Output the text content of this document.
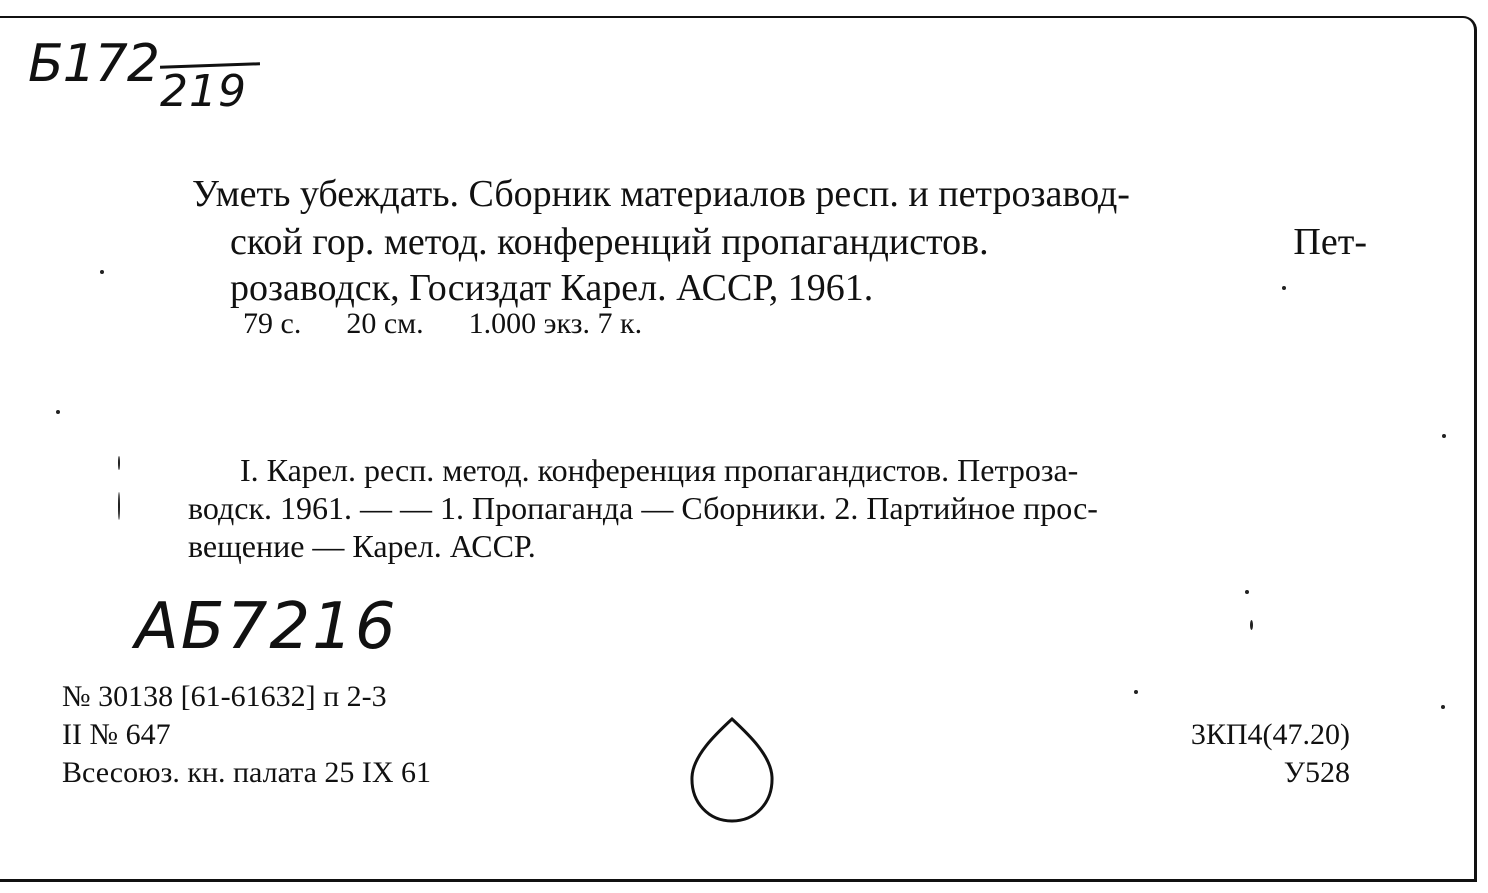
Б172 219

Уметь убеждать. Сборник материалов респ. и петрозавод-

ской гор. метод. конференций пропагандистов.	Пет-

розаводск, Госиздат Карел. АССР, 1961.

79 с.      20 см.      1.000 экз. 7 к.
I. Карел. респ. метод. конференция пропагандистов. Петроза-
водск. 1961. — — 1. Пропаганда — Сборники. 2. Партийное прос-
вещение — Карел. АССР.
АБ7216
№ 30138 [61-61632] п 2-3
II № 647
Всесоюз. кн. палата 25 IX 61
3КП4(47.20)
У528
